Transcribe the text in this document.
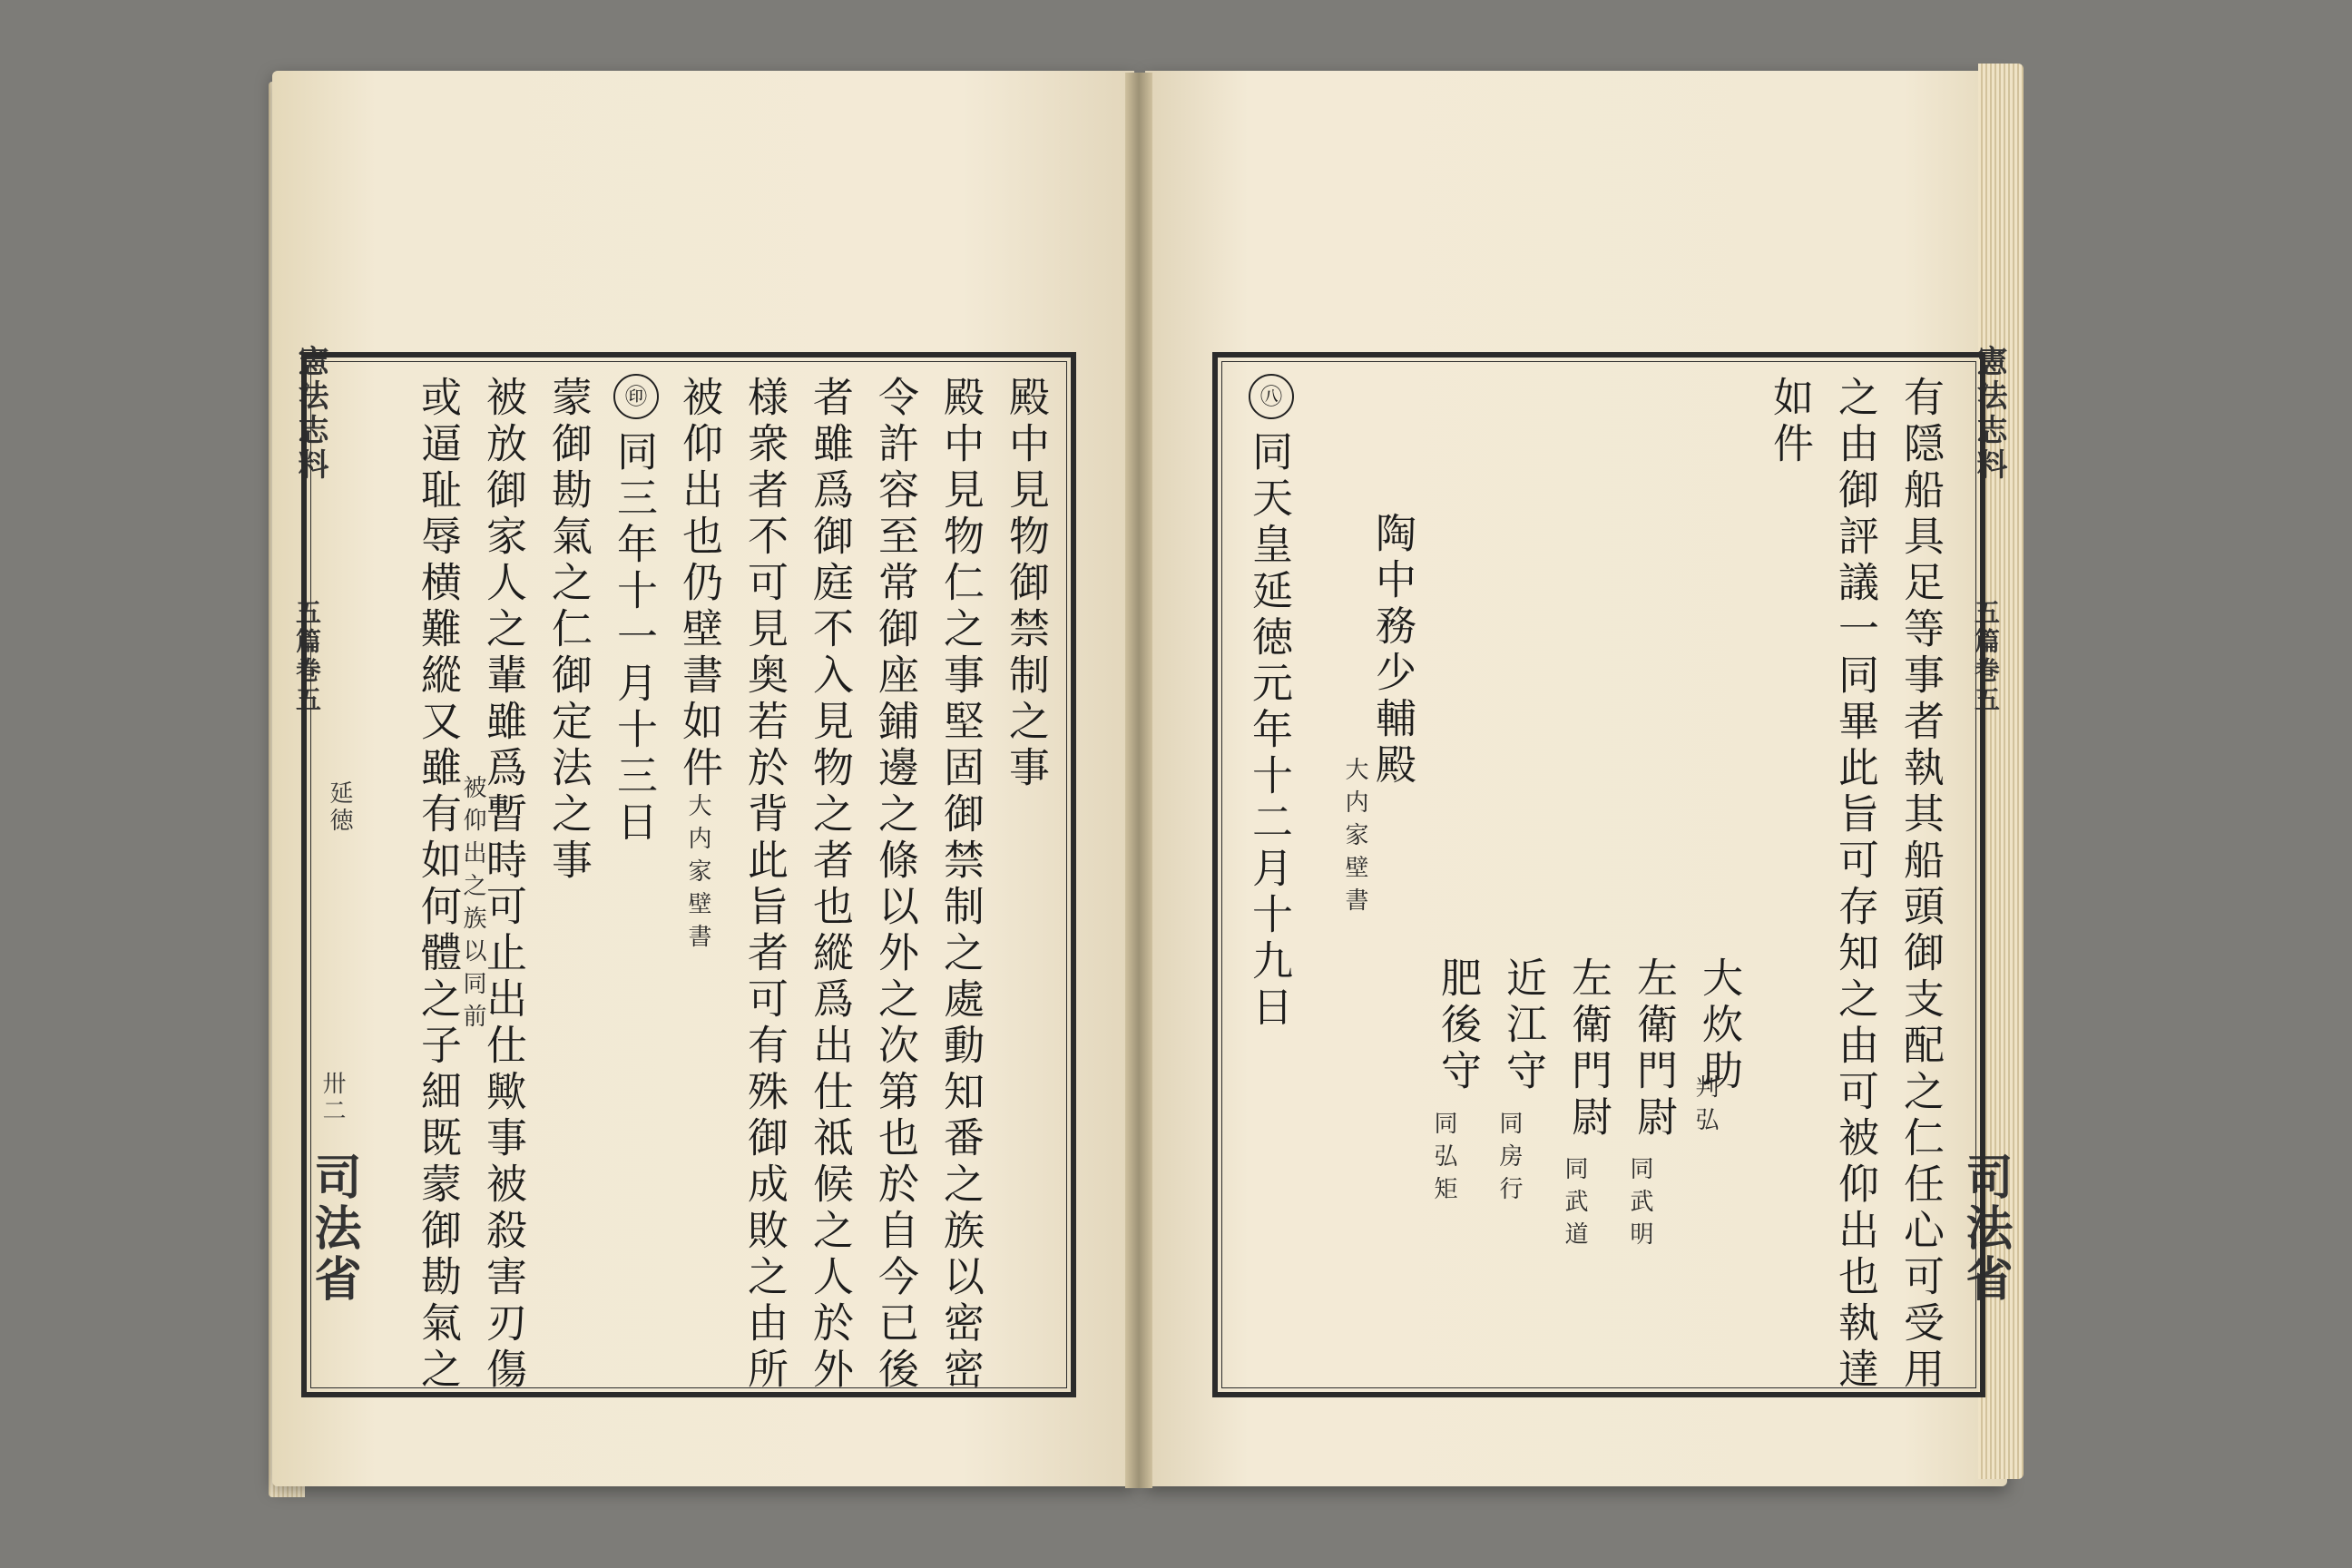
憲法志料
五篇巻五
延徳
卅二
司法省
殿中見物御禁制之事
殿中見物仁之事堅固御禁制之處動知番之族以密密
令許容至常御座鋪邊之條以外之次第也於自今已後
者雖爲御庭不入見物之者也縱爲出仕祗候之人於外
様衆者不可見奥若於背此旨者可有殊御成敗之由所
被仰出也仍壁書如件
大内家壁書
㊞
同三年十一月十三日
蒙御勘氣之仁御定法之事
被放御家人之輩雖爲暫時可止出仕歟事被殺害刃傷
被仰出之族以同前
或逼耻辱横難縱又雖有如何體之子細既蒙御勘氣之	憲法志料
五篇巻五
司法省
有隠船具足等事者執其船頭御支配之仁任心可受用
之由御評議一同畢此旨可存知之由可被仰出也執達
如件
大炊助
判弘
左衛門尉
同武明
左衛門尉
同武道
近江守
同房行
肥後守
同弘矩
陶中務少輔殿
大内家壁書
㊇
同天皇延徳元年十二月十九日
